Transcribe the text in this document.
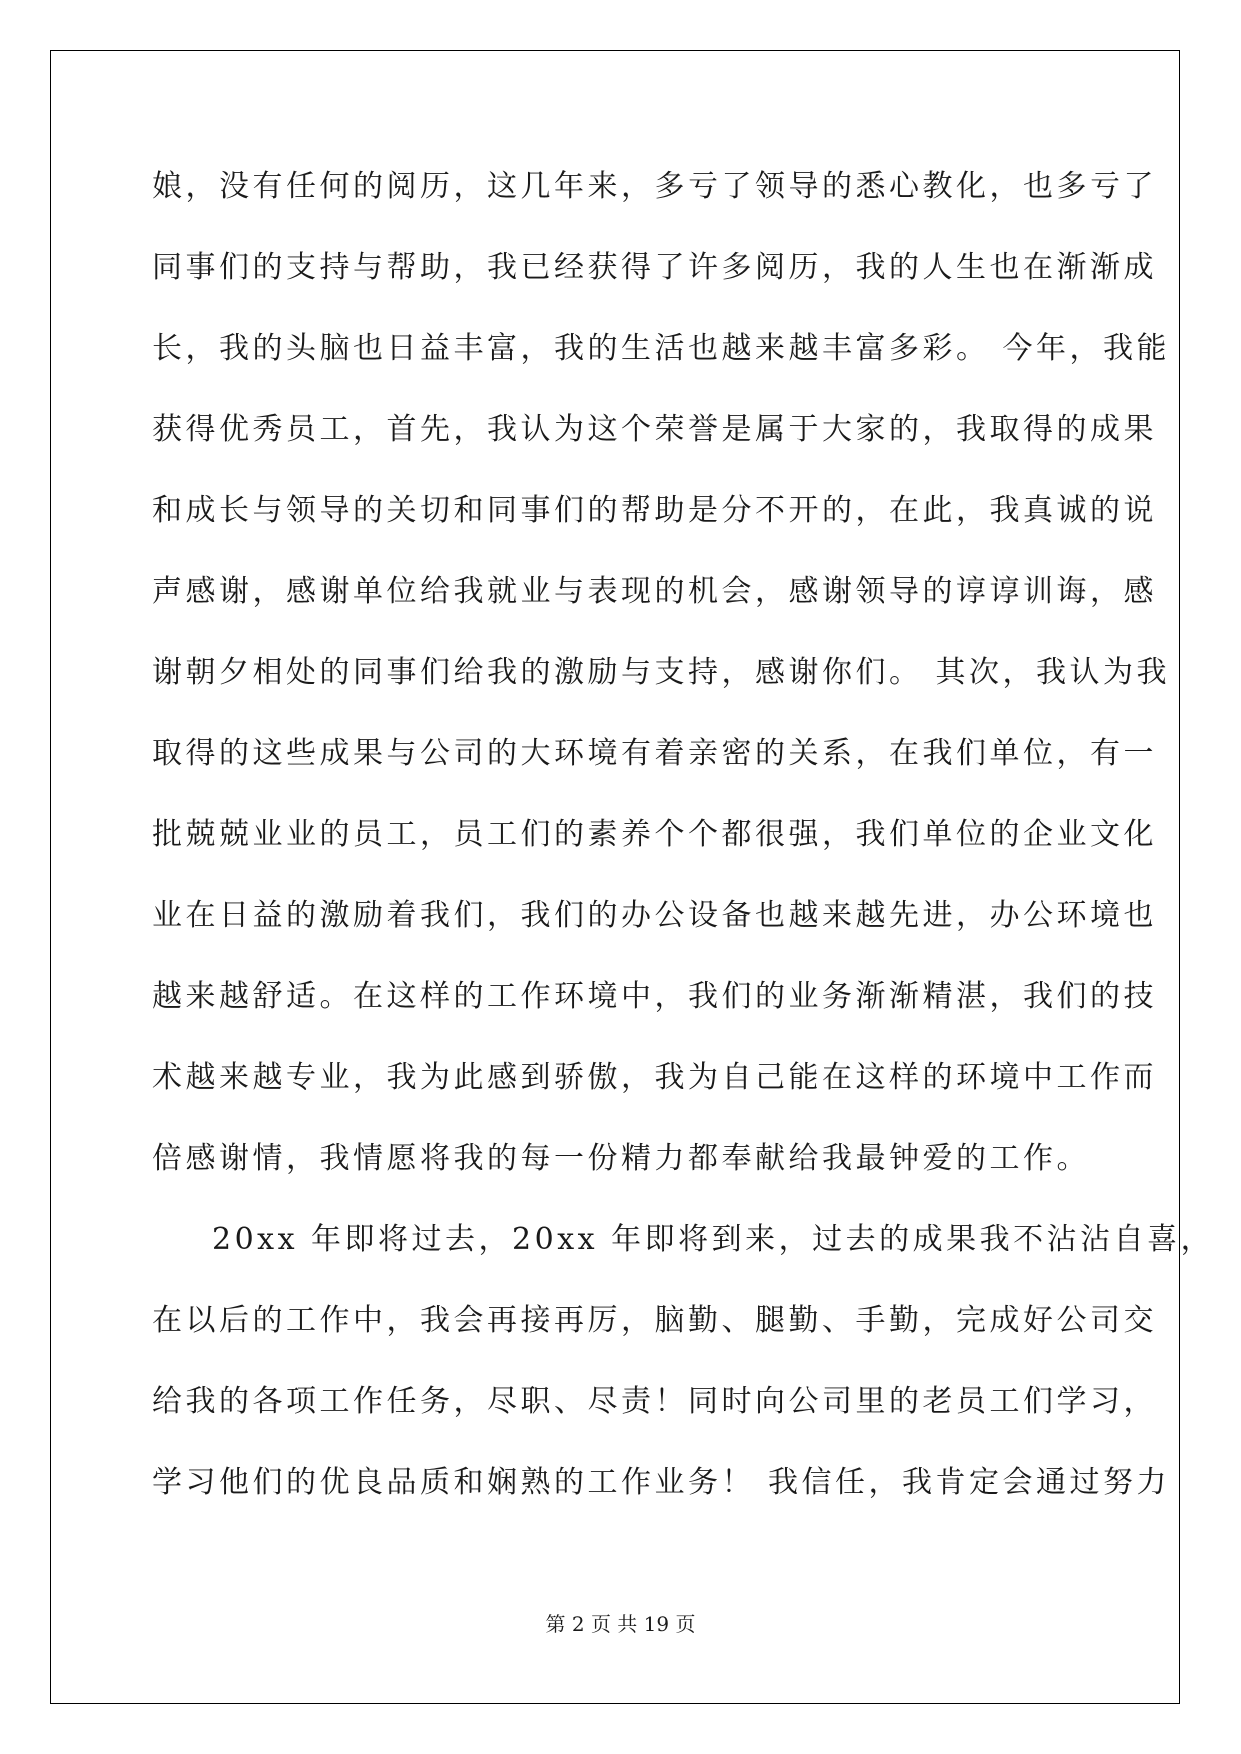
娘，没有任何的阅历，这几年来，多亏了领导的悉心教化，也多亏了

同事们的支持与帮助，我已经获得了许多阅历，我的人生也在渐渐成

长，我的头脑也日益丰富，我的生活也越来越丰富多彩。 今年，我能

获得优秀员工，首先，我认为这个荣誉是属于大家的，我取得的成果

和成长与领导的关切和同事们的帮助是分不开的，在此，我真诚的说

声感谢，感谢单位给我就业与表现的机会，感谢领导的谆谆训诲，感

谢朝夕相处的同事们给我的激励与支持，感谢你们。 其次，我认为我

取得的这些成果与公司的大环境有着亲密的关系，在我们单位，有一

批兢兢业业的员工，员工们的素养个个都很强，我们单位的企业文化

业在日益的激励着我们，我们的办公设备也越来越先进，办公环境也

越来越舒适。在这样的工作环境中，我们的业务渐渐精湛，我们的技

术越来越专业，我为此感到骄傲，我为自己能在这样的环境中工作而

倍感谢情，我情愿将我的每一份精力都奉献给我最钟爱的工作。

20xx 年即将过去，20xx 年即将到来，过去的成果我不沾沾自喜，

在以后的工作中，我会再接再厉，脑勤、腿勤、手勤，完成好公司交

给我的各项工作任务，尽职、尽责！同时向公司里的老员工们学习，

学习他们的优良品质和娴熟的工作业务！ 我信任，我肯定会通过努力

第 2 页 共 19 页
